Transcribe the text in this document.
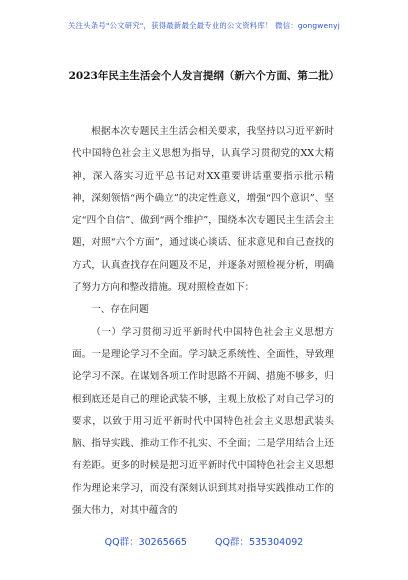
关注头条号"公文研究"，获得最新最全最专业的公文资料库！ 微信：gongwenyj
2023年民主生活会个人发言提纲（新六个方面、第二批）

根据本次专题民主生活会相关要求，我坚持以习近平新时代中国特色社会主义思想为指导，认真学习贯彻党的XX大精神，深入落实习近平总书记对XX重要讲话重要指示批示精神，深刻领悟“两个确立”的决定性意义，增强“四个意识”、坚定“四个自信”、做到“两个维护”，围绕本次专题民主生活会主题，对照“六个方面”，通过谈心谈话、征求意见和自己查找的方式，认真查找存在问题及不足，并逐条对照检视分析，明确了努力方向和整改措施。现对照检查如下：

一、存在问题

（一）学习贯彻习近平新时代中国特色社会主义思想方面。一是理论学习不全面。学习缺乏系统性、全面性，导致理论学习不深。在谋划各项工作时思路不开阔、措施不够多，归根到底还是自己的理论武装不够，主观上放松了对自己学习的要求，以致于用习近平新时代中国特色社会主义思想武装头脑、指导实践、推动工作不扎实、不全面；二是学用结合上还有差距。更多的时候是把习近平新时代中国特色社会主义思想作为理论来学习，而没有深刻认识到其对指导实践推动工作的强大伟力，对其中蕴含的

QQ群：30265665	QQ群：535304092
